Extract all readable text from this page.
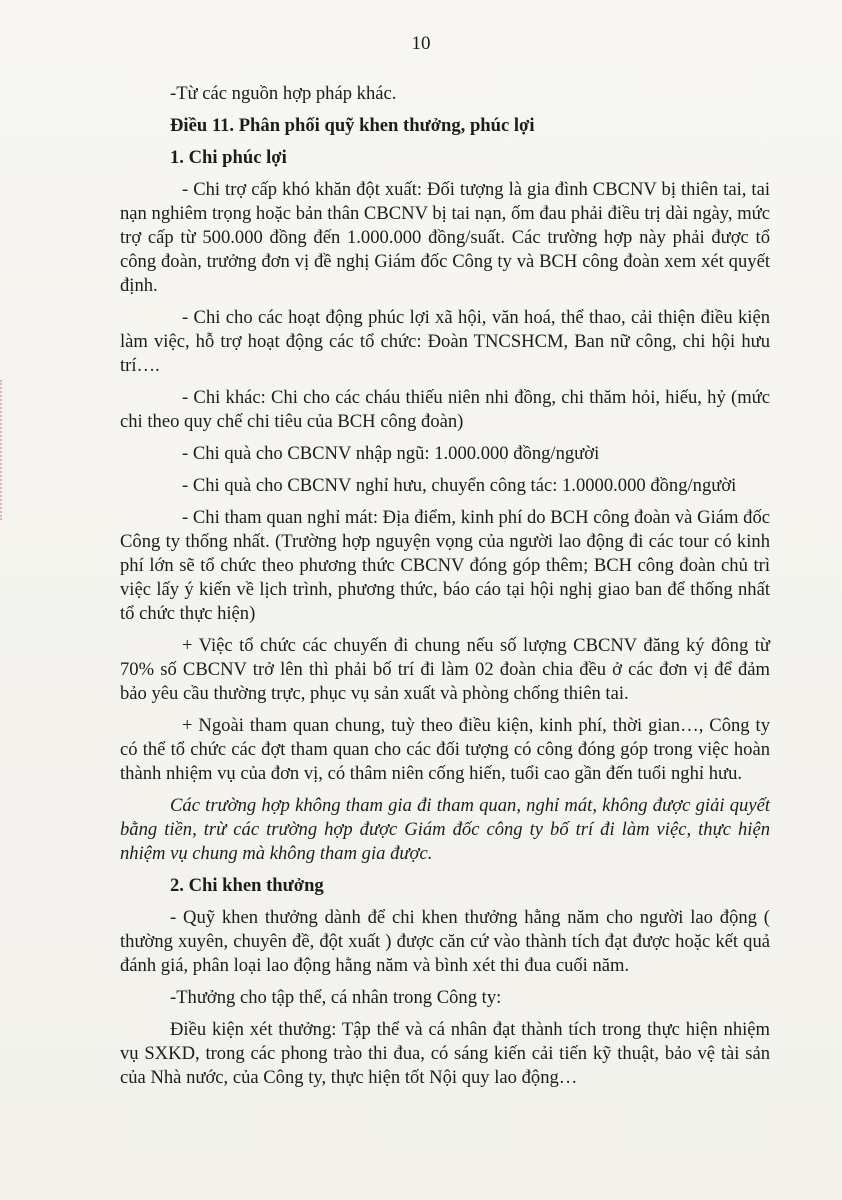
10

-Từ các nguồn hợp pháp khác.

Điều 11. Phân phối quỹ khen thưởng, phúc lợi

1. Chi phúc lợi

- Chi trợ cấp khó khăn đột xuất: Đối tượng là gia đình CBCNV bị thiên tai, tai nạn nghiêm trọng hoặc bản thân CBCNV bị tai nạn, ốm đau phải điều trị dài ngày, mức trợ cấp từ 500.000 đồng đến 1.000.000 đồng/suất. Các trường hợp này phải được tổ công đoàn, trưởng đơn vị đề nghị Giám đốc Công ty và BCH công đoàn xem xét quyết định.

- Chi cho các hoạt động phúc lợi xã hội, văn hoá, thể thao, cải thiện điều kiện làm việc, hỗ trợ hoạt động các tổ chức: Đoàn TNCSHCM, Ban nữ công, chi hội hưu trí….

- Chi khác: Chi cho các cháu thiếu niên nhi đồng, chi thăm hỏi, hiếu, hỷ (mức chi theo quy chế chi tiêu của BCH công đoàn)

- Chi quà cho CBCNV nhập ngũ: 1.000.000 đồng/người

- Chi quà cho CBCNV nghỉ hưu, chuyển công tác: 1.0000.000 đồng/người

- Chi tham quan nghỉ mát: Địa điểm, kinh phí do BCH công đoàn và Giám đốc Công ty thống nhất. (Trường hợp nguyện vọng của người lao động đi các tour có kinh phí lớn sẽ tổ chức theo phương thức CBCNV đóng góp thêm; BCH công đoàn chủ trì việc lấy ý kiến về lịch trình, phương thức, báo cáo tại hội nghị giao ban để thống nhất tổ chức thực hiện)

+ Việc tổ chức các chuyến đi chung nếu số lượng CBCNV đăng ký đông từ 70% số CBCNV trở lên thì phải bố trí đi làm 02 đoàn chia đều ở các đơn vị để đảm bảo yêu cầu thường trực, phục vụ sản xuất và phòng chống thiên tai.

+ Ngoài tham quan chung, tuỳ theo điều kiện, kinh phí, thời gian…, Công ty có thể tổ chức các đợt tham quan cho các đối tượng có công đóng góp trong việc hoàn thành nhiệm vụ của đơn vị, có thâm niên cống hiến, tuổi cao gần đến tuổi nghỉ hưu.

Các trường hợp không tham gia đi tham quan, nghỉ mát, không được giải quyết bằng tiền, trừ các trường hợp được Giám đốc công ty bố trí đi làm việc, thực hiện nhiệm vụ chung mà không tham gia được.

2. Chi khen thưởng

- Quỹ khen thưởng dành để chi khen thưởng hằng năm cho người lao động ( thường xuyên, chuyên đề, đột xuất ) được căn cứ vào thành tích đạt được hoặc kết quả đánh giá, phân loại lao động hằng năm và bình xét thi đua cuối năm.

-Thưởng cho tập thể, cá nhân trong Công ty:

Điều kiện xét thưởng: Tập thể và cá nhân đạt thành tích trong thực hiện nhiệm vụ SXKD, trong các phong trào thi đua, có sáng kiến cải tiến kỹ thuật, bảo vệ tài sản của Nhà nước, của Công ty, thực hiện tốt Nội quy lao động…
